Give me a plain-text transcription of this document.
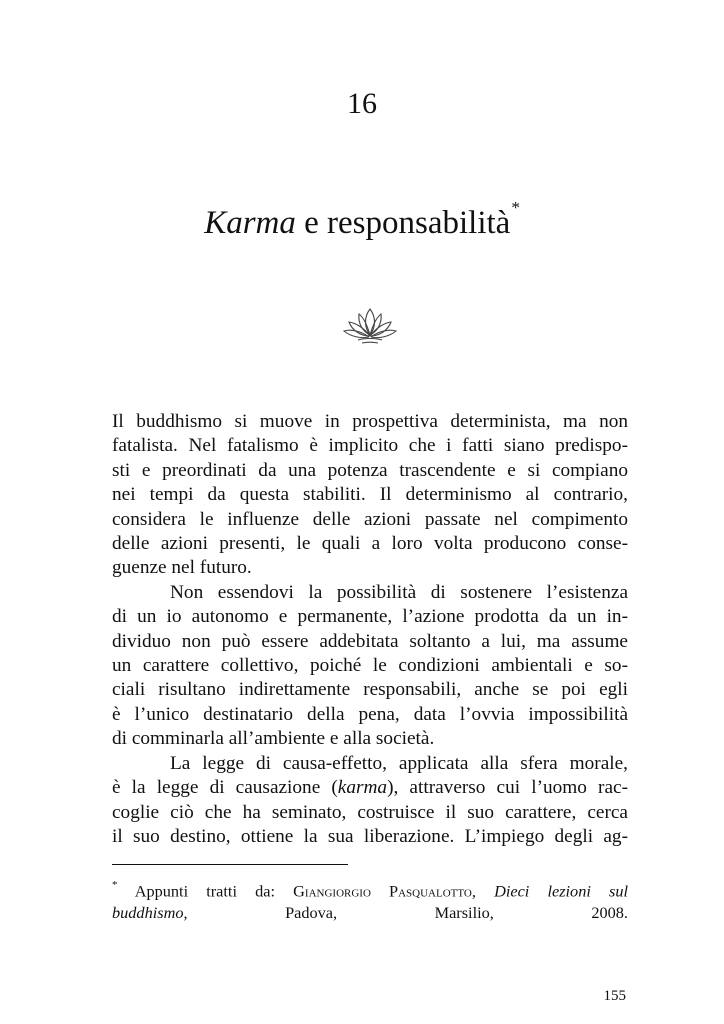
16
Karma e responsabilità*
Il buddhismo si muove in prospettiva determinista, ma non
fatalista. Nel fatalismo è implicito che i fatti siano predispo-
sti e preordinati da una potenza trascendente e si compiano
nei tempi da questa stabiliti. Il determinismo al contrario,
considera le influenze delle azioni passate nel compimento
delle azioni presenti, le quali a loro volta producono conse-
guenze nel futuro.
Non essendovi la possibilità di sostenere l’esistenza
di un io autonomo e permanente, l’azione prodotta da un in-
dividuo non può essere addebitata soltanto a lui, ma assume
un carattere collettivo, poiché le condizioni ambientali e so-
ciali risultano indirettamente responsabili, anche se poi egli
è l’unico destinatario della pena, data l’ovvia impossibilità
di comminarla all’ambiente e alla società.
La legge di causa-effetto, applicata alla sfera morale,
è la legge di causazione (karma), attraverso cui l’uomo rac-
coglie ciò che ha seminato, costruisce il suo carattere, cerca
il suo destino, ottiene la sua liberazione. L’impiego degli ag-
* Appunti tratti da: Giangiorgio Pasqualotto, Dieci lezioni sul
buddhismo, Padova, Marsilio, 2008.
155
